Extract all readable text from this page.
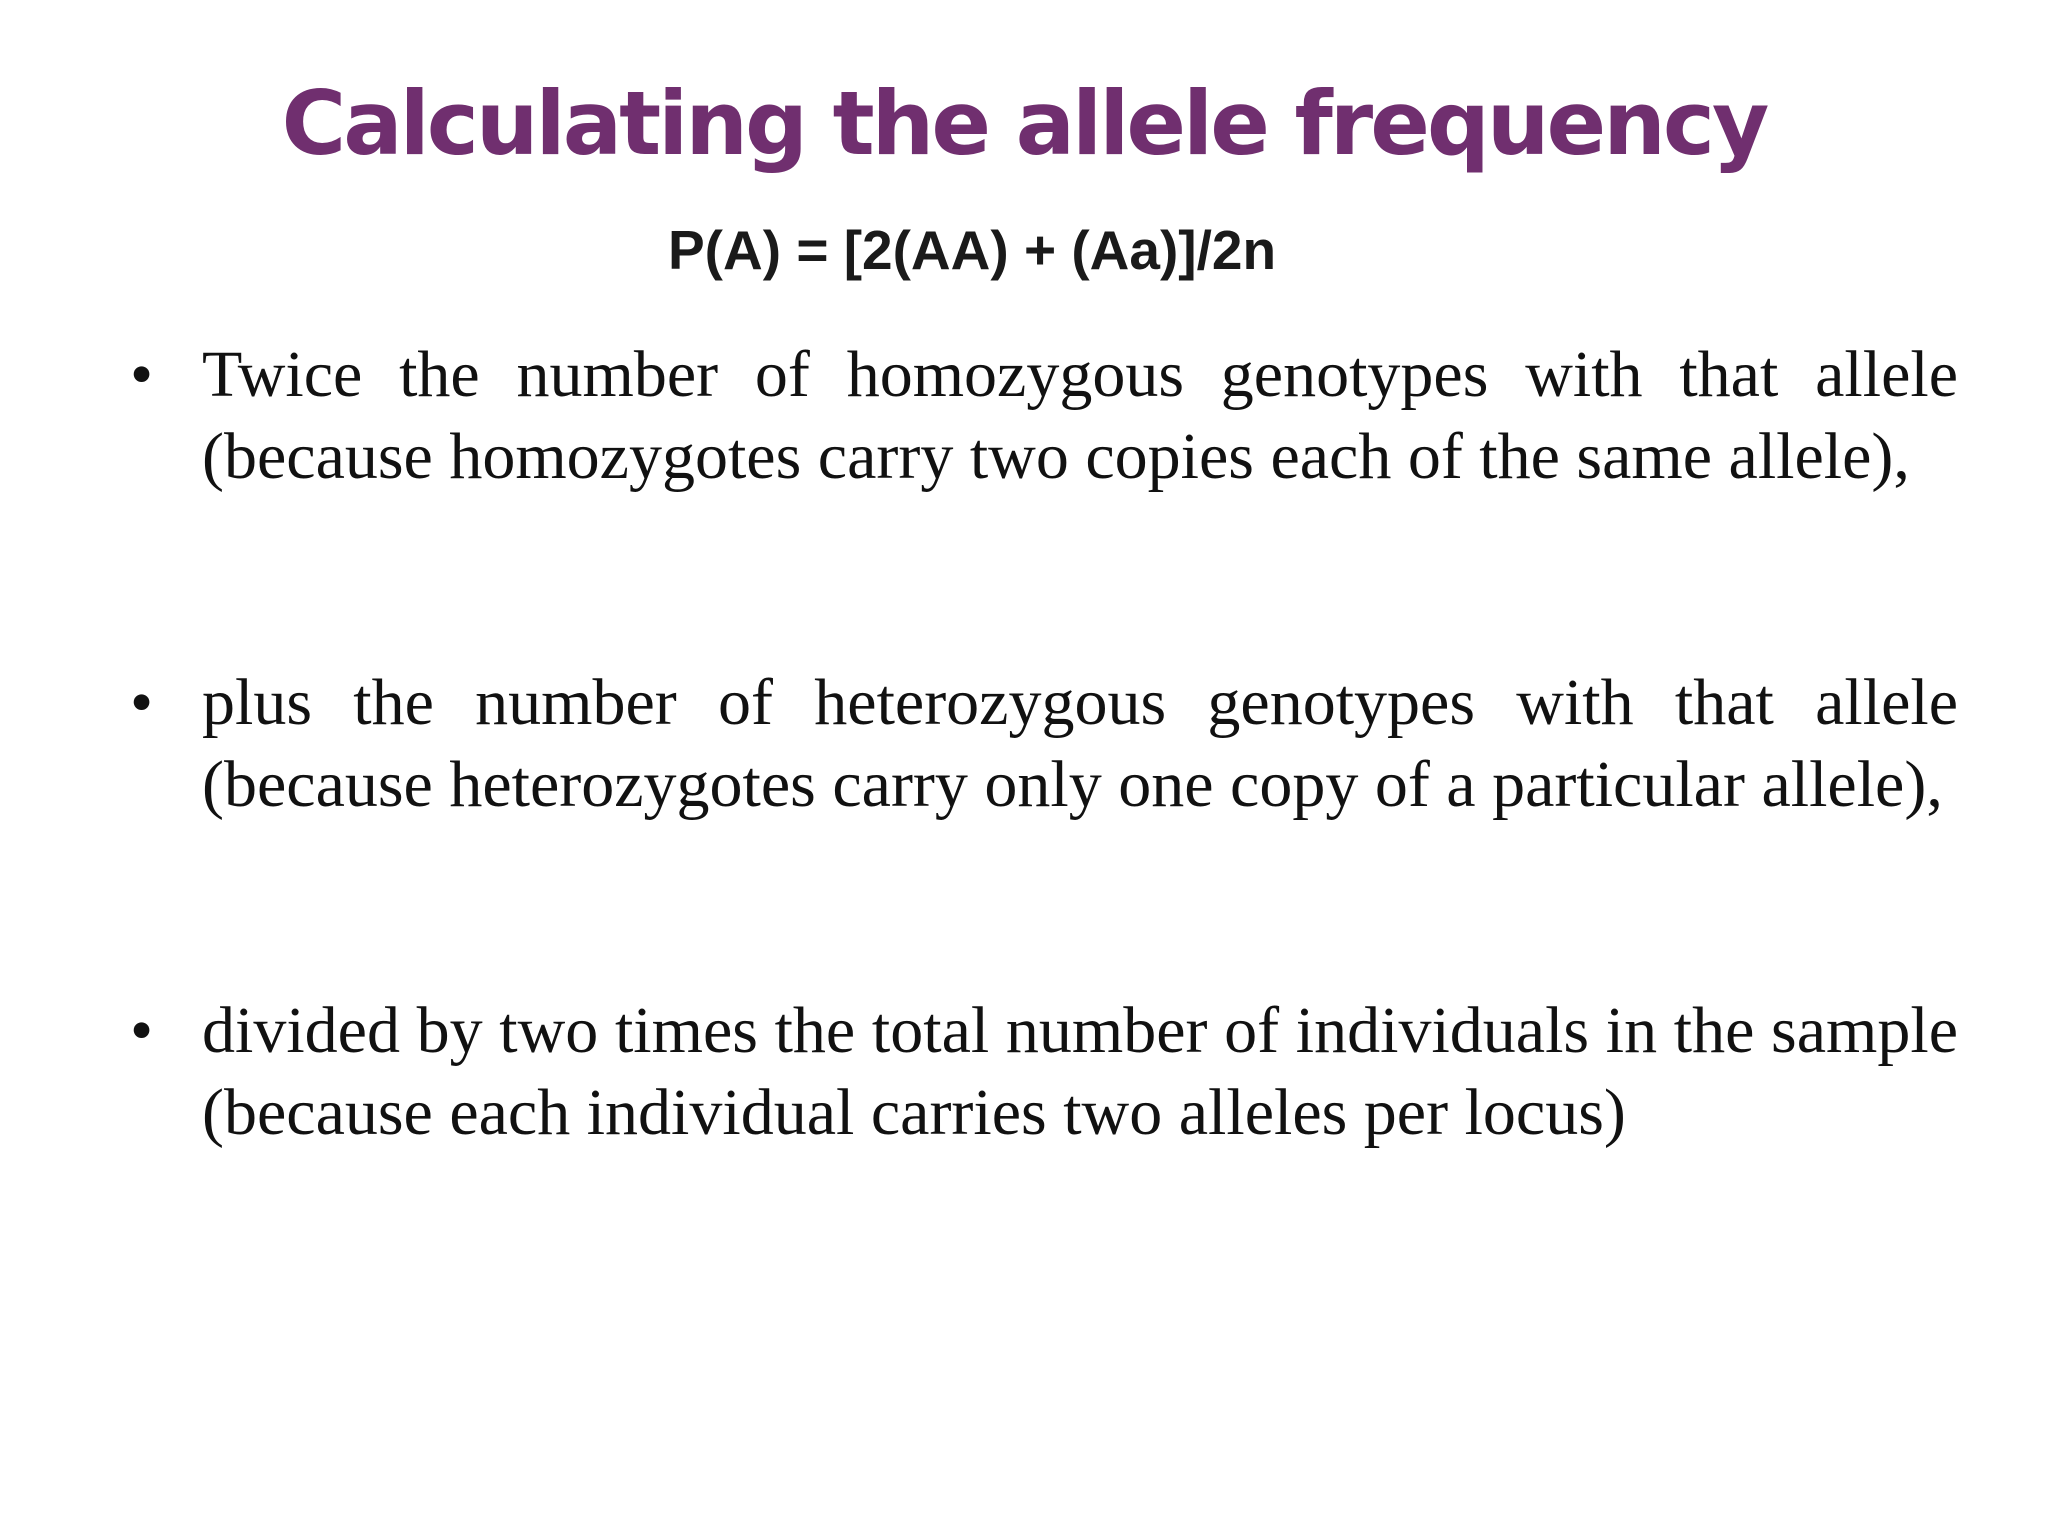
Calculating the allele frequency
P(A) = [2(AA) + (Aa)]/2n
• Twice the number of homozygous genotypes with that allele (because homozygotes carry two copies each of the same allele),

• plus the number of heterozygous genotypes with that allele (because heterozygotes carry only one copy of a particular allele),

• divided by two times the total number of individuals in the sample (because each individual carries two alleles per locus)
